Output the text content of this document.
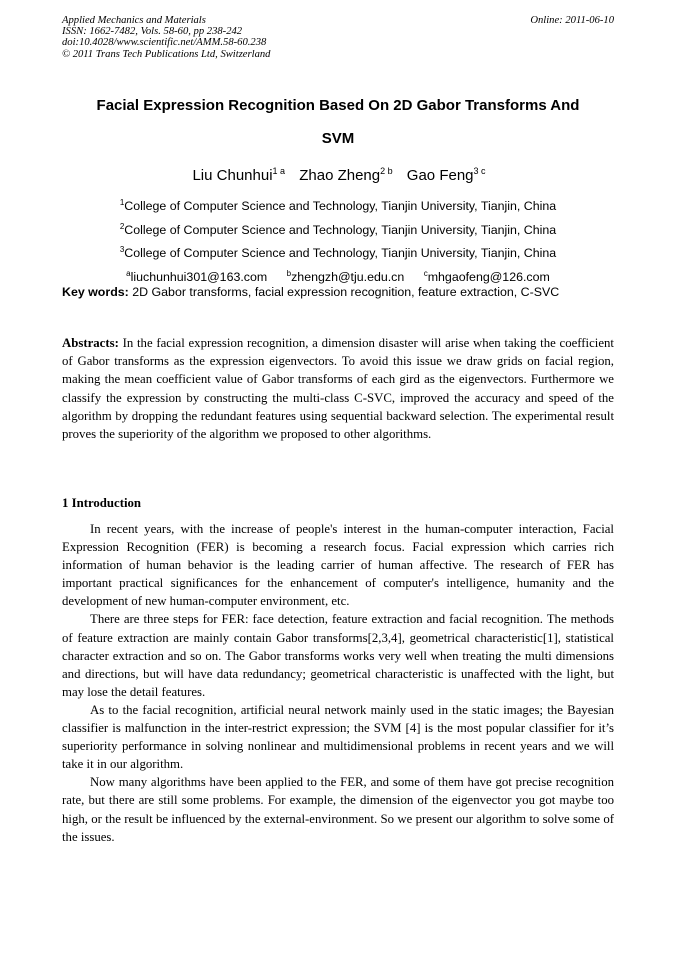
Applied Mechanics and Materials
ISSN: 1662-7482, Vols. 58-60, pp 238-242
doi:10.4028/www.scientific.net/AMM.58-60.238
© 2011 Trans Tech Publications Ltd, Switzerland
Online: 2011-06-10
Facial Expression Recognition Based On 2D Gabor Transforms And
SVM
Liu Chunhui$^{1 a}$ Zhao Zheng$^{2 b}$ Gao Feng$^{3 c}$
$^1$College of Computer Science and Technology, Tianjin University, Tianjin, China
$^2$College of Computer Science and Technology, Tianjin University, Tianjin, China
$^3$College of Computer Science and Technology, Tianjin University, Tianjin, China
$^a$liuchunhui301@163.com $^b$zhengzh@tju.edu.cn $^c$mhgaofeng@126.com
Key words: 2D Gabor transforms, facial expression recognition, feature extraction, C-SVC
Abstracts: In the facial expression recognition, a dimension disaster will arise when taking the coefficient of Gabor transforms as the expression eigenvectors. To avoid this issue we draw grids on facial region, making the mean coefficient value of Gabor transforms of each gird as the eigenvectors. Furthermore we classify the expression by constructing the multi-class C-SVC, improved the accuracy and speed of the algorithm by dropping the redundant features using sequential backward selection. The experimental result proves the superiority of the algorithm we proposed to other algorithms.
1 Introduction

In recent years, with the increase of people's interest in the human-computer interaction, Facial Expression Recognition (FER) is becoming a research focus. Facial expression which carries rich information of human behavior is the leading carrier of human affective. The research of FER has important practical significances for the enhancement of computer's intelligence, humanity and the development of new human-computer environment, etc.

There are three steps for FER: face detection, feature extraction and facial recognition. The methods of feature extraction are mainly contain Gabor transforms[2,3,4], geometrical characteristic[1], statistical character extraction and so on. The Gabor transforms works very well when treating the multi dimensions and directions, but will have data redundancy; geometrical characteristic is unaffected with the light, but may lose the detail features.

As to the facial recognition, artificial neural network mainly used in the static images; the Bayesian classifier is malfunction in the inter-restrict expression; the SVM [4] is the most popular classifier for it’s superiority performance in solving nonlinear and multidimensional problems in recent years and we will take it in our algorithm.

Now many algorithms have been applied to the FER, and some of them have got precise recognition rate, but there are still some problems. For example, the dimension of the eigenvector you got maybe too high, or the result be influenced by the external-environment. So we present our algorithm to solve some of the issues.
